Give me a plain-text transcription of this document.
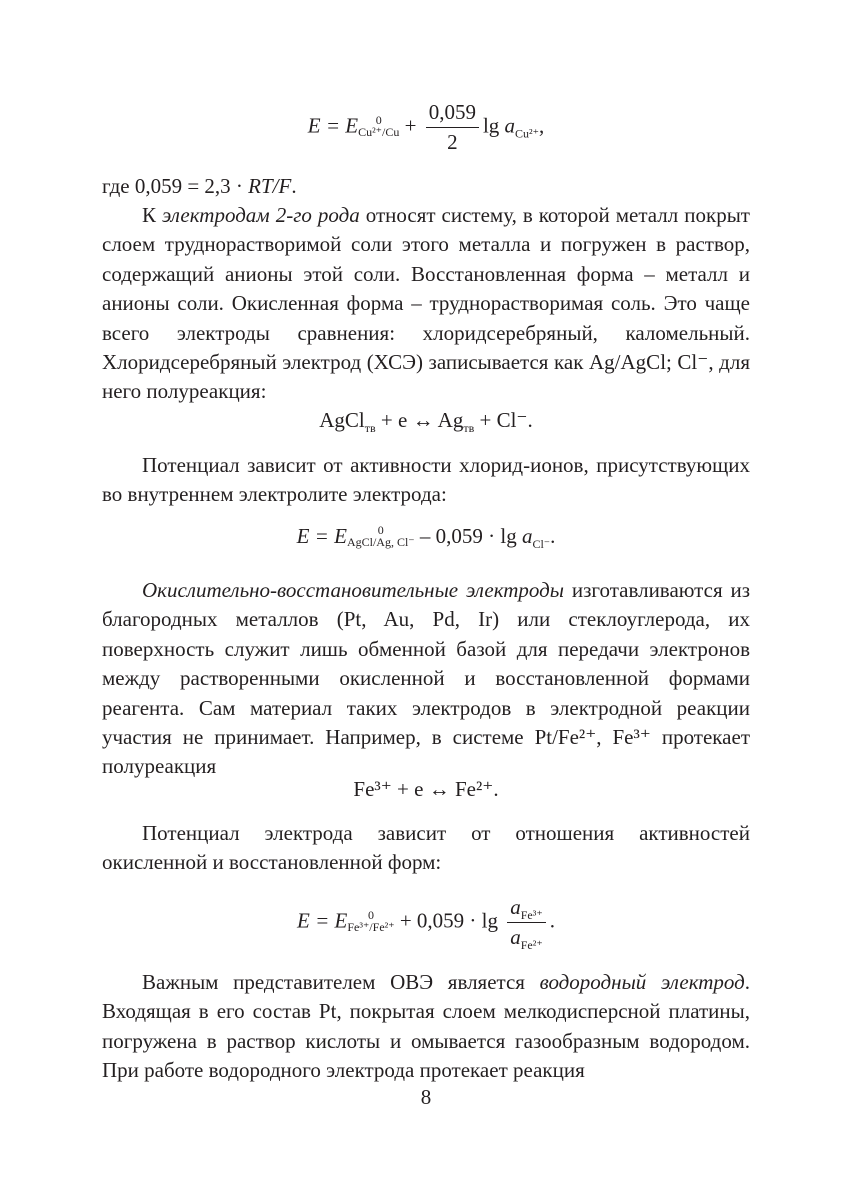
E = E	0
$Cu^{2+}/Cu + \frac{0,059}{2}$ $\lg a_{Cu^{2+}}$,

где 0,059 = 2,3 · RT/F.

К электродам 2-го рода относят систему, в которой металл покрыт слоем труднорастворимой соли этого металла и погружен в раствор, содержащий анионы этой соли. Восстановленная форма – металл и анионы соли. Окисленная форма – труднорастворимая соль. Это чаще всего электроды сравнения: хлоридсеребряный, каломельный. Хлоридсеребряный электрод (ХСЭ) записывается как Ag/AgCl; Cl⁻, для него полуреакция:

AgCl$_{тв}$ + e ↔ $Ag_{тв} + Cl^-$.

Потенциал зависит от активности хлорид-ионов, присутствующих во внутреннем электролите электрода:

E = E	0
AgCl/Ag, $Cl^- - 0,059 \cdot \lg a_{Cl^-}$.

Окислительно-восстановительные электроды изготавливаются из благородных металлов (Pt, Au, Pd, Ir) или стеклоуглерода, их поверхность служит лишь обменной базой для передачи электронов между растворенными окисленной и восстановленной формами реагента. Сам материал таких электродов в электродной реакции участия не принимает. Например, в системе Pt/Fe²⁺, Fe³⁺ протекает полуреакция

Fe³⁺ + e ↔ Fe²⁺.

Потенциал электрода зависит от отношения активностей окисленной и восстановленной форм:

E = E	0
$Fe^{3+}/Fe^{2+} + 0,059 \cdot \lg \frac{a_{Fe^{3+}}}{a_{Fe^{2+}}}$ .

Важным представителем ОВЭ является водородный электрод. Входящая в его состав Pt, покрытая слоем мелкодисперсной платины, погружена в раствор кислоты и омывается газообразным водородом. При работе водородного электрода протекает реакция

8
